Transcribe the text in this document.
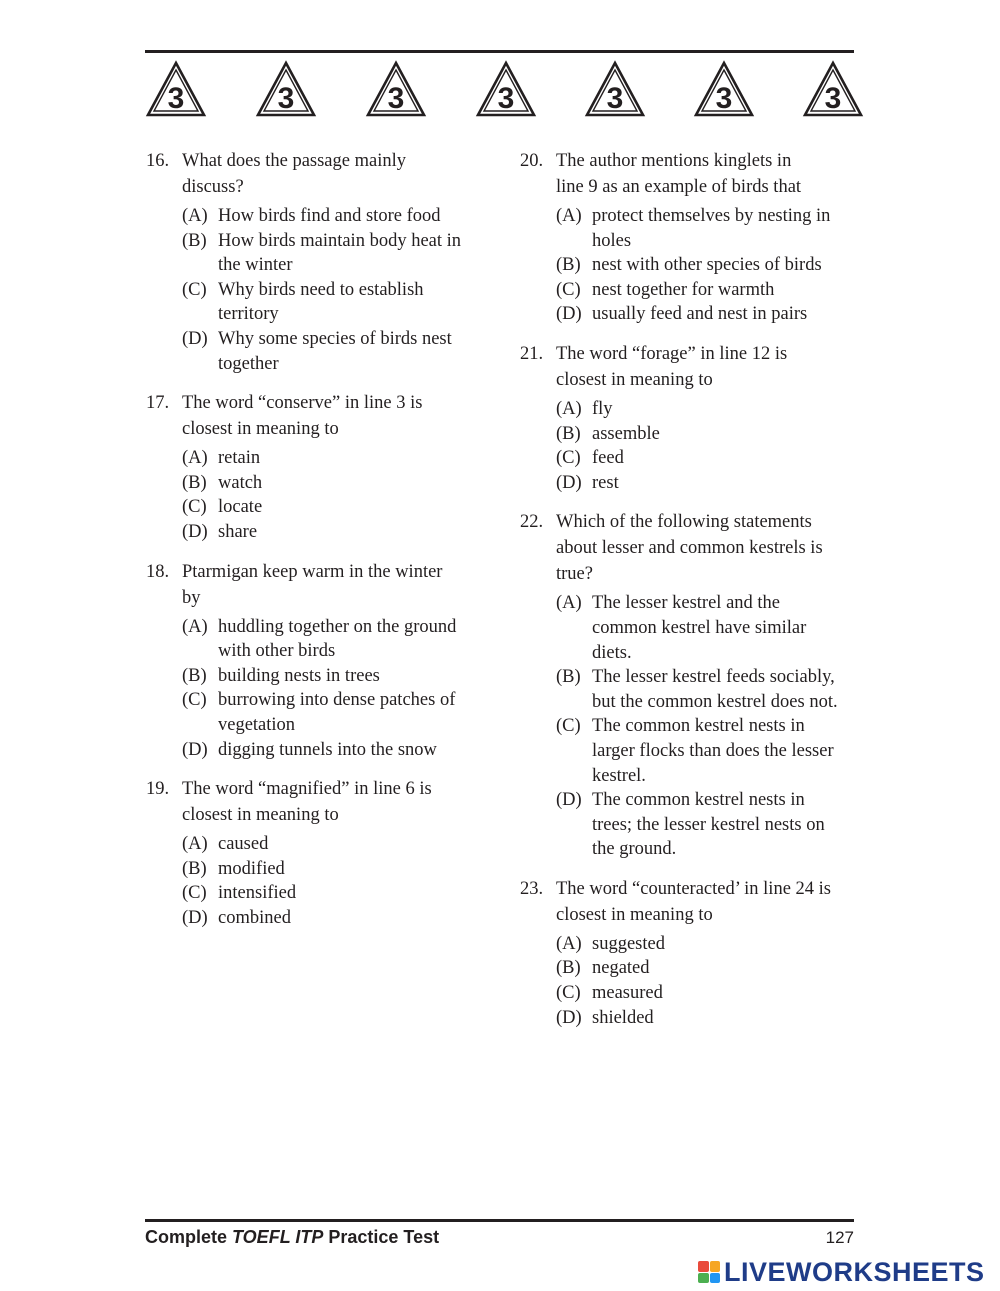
3	3	3	3	3	3	3
16. What does the passage mainly
discuss?
(A) How birds find and store food
(B) How birds maintain body heat in
the winter
(C) Why birds need to establish
territory
(D) Why some species of birds nest
together
17. The word “conserve” in line 3 is
closest in meaning to
(A) retain
(B) watch
(C) locate
(D) share
18. Ptarmigan keep warm in the winter
by
(A) huddling together on the ground
with other birds
(B) building nests in trees
(C) burrowing into dense patches of
vegetation
(D) digging tunnels into the snow
19. The word “magnified” in line 6 is
closest in meaning to
(A) caused
(B) modified
(C) intensified
(D) combined
20. The author mentions kinglets in
line 9 as an example of birds that
(A) protect themselves by nesting in
holes
(B) nest with other species of birds
(C) nest together for warmth
(D) usually feed and nest in pairs
21. The word “forage” in line 12 is
closest in meaning to
(A) fly
(B) assemble
(C) feed
(D) rest
22. Which of the following statements
about lesser and common kestrels is
true?
(A) The lesser kestrel and the
common kestrel have similar
diets.
(B) The lesser kestrel feeds sociably,
but the common kestrel does not.
(C) The common kestrel nests in
larger flocks than does the lesser
kestrel.
(D) The common kestrel nests in
trees; the lesser kestrel nests on
the ground.
23. The word “counteracted’ in line 24 is
closest in meaning to
(A) suggested
(B) negated
(C) measured
(D) shielded
Complete TOEFL ITP Practice Test	127
LIVEWORKSHEETS
